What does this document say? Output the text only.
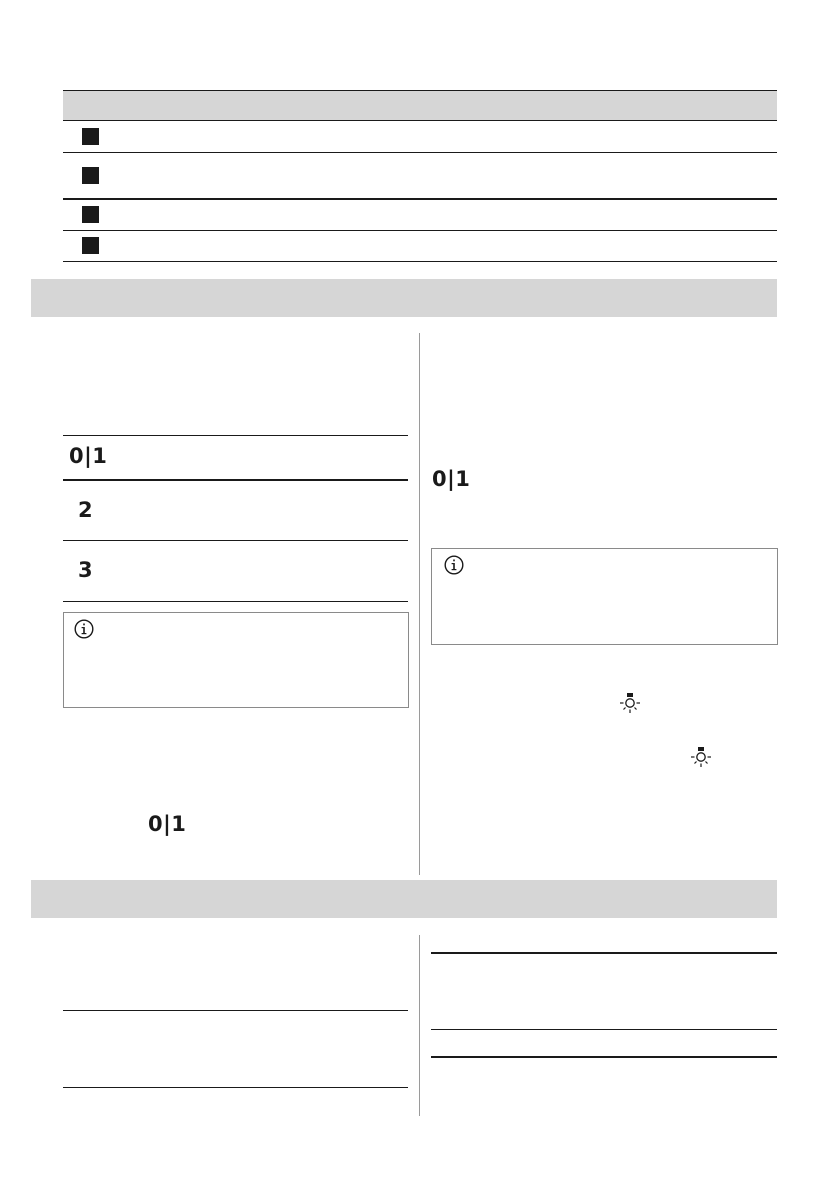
0|1
2
3
0|1
0|1
